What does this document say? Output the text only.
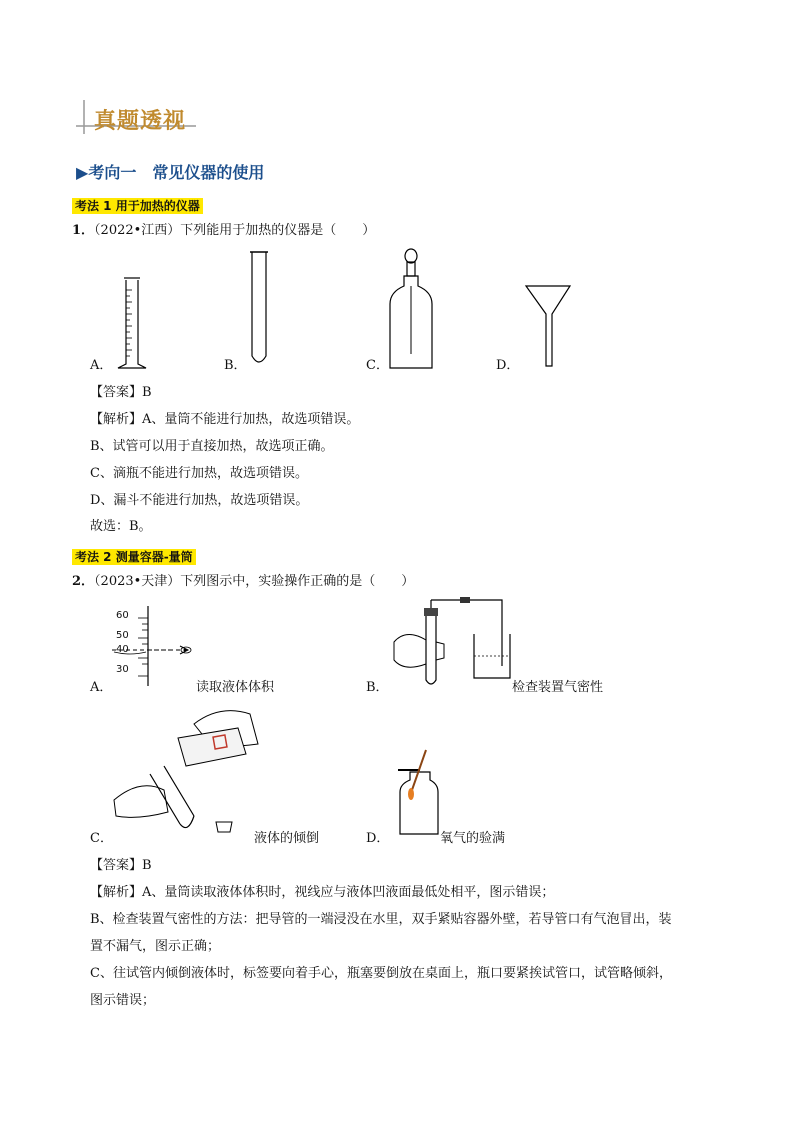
真题透视
▶考向一　常见仪器的使用
考法 1 用于加热的仪器
1．（2022•江西）下列能用于加热的仪器是（　　）
A．	B．	C．	D．
【答案】B
【解析】A、量筒不能进行加热，故选项错误。
B、试管可以用于直接加热，故选项正确。
C、滴瓶不能进行加热，故选项错误。
D、漏斗不能进行加热，故选项错误。
故选：B。
考法 2 测量容器-量筒
2．（2023•天津）下列图示中，实验操作正确的是（　　）
60
50
40
30
A．	读取液体体积	B．	检查装置气密性
C．	液体的倾倒	D．	氧气的验满
【答案】B
【解析】A、量筒读取液体体积时，视线应与液体凹液面最低处相平，图示错误；
B、检查装置气密性的方法：把导管的一端浸没在水里，双手紧贴容器外壁，若导管口有气泡冒出，装
置不漏气，图示正确；
C、往试管内倾倒液体时，标签要向着手心，瓶塞要倒放在桌面上，瓶口要紧挨试管口，试管略倾斜，
图示错误；
